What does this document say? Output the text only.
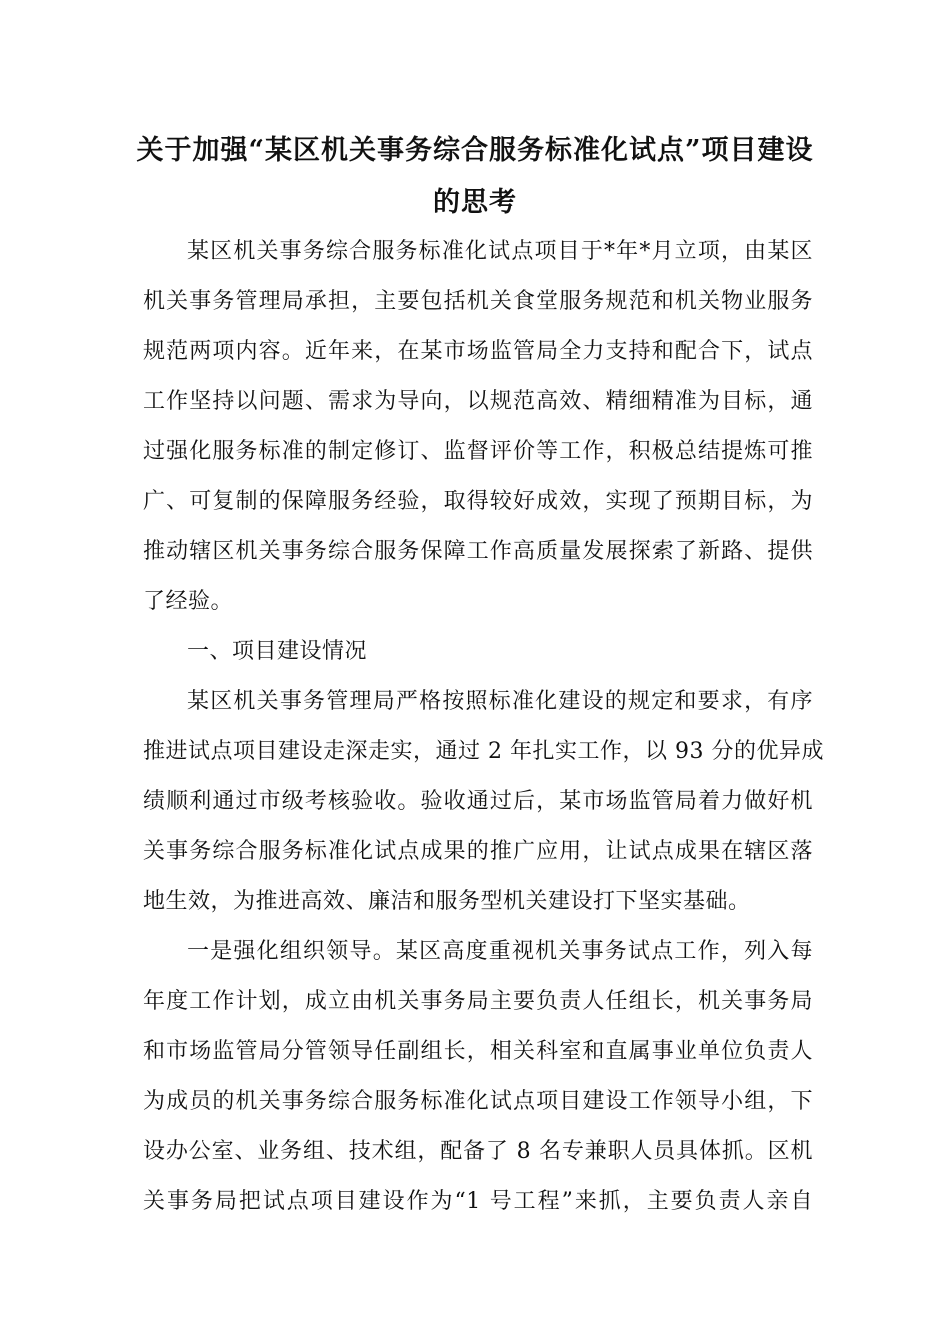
关于加强“某区机关事务综合服务标准化试点”项目建设
的思考
某区机关事务综合服务标准化试点项目于*年*月立项，由某区
机关事务管理局承担，主要包括机关食堂服务规范和机关物业服务
规范两项内容。近年来，在某市场监管局全力支持和配合下，试点
工作坚持以问题、需求为导向，以规范高效、精细精准为目标，通
过强化服务标准的制定修订、监督评价等工作，积极总结提炼可推
广、可复制的保障服务经验，取得较好成效，实现了预期目标，为
推动辖区机关事务综合服务保障工作高质量发展探索了新路、提供
了经验。
一、项目建设情况
某区机关事务管理局严格按照标准化建设的规定和要求，有序
推进试点项目建设走深走实，通过 2 年扎实工作，以 93 分的优异成
绩顺利通过市级考核验收。验收通过后，某市场监管局着力做好机
关事务综合服务标准化试点成果的推广应用，让试点成果在辖区落
地生效，为推进高效、廉洁和服务型机关建设打下坚实基础。
一是强化组织领导。某区高度重视机关事务试点工作，列入每
年度工作计划，成立由机关事务局主要负责人任组长，机关事务局
和市场监管局分管领导任副组长，相关科室和直属事业单位负责人
为成员的机关事务综合服务标准化试点项目建设工作领导小组，下
设办公室、业务组、技术组，配备了 8 名专兼职人员具体抓。区机
关事务局把试点项目建设作为“1 号工程”来抓，主要负责人亲自
